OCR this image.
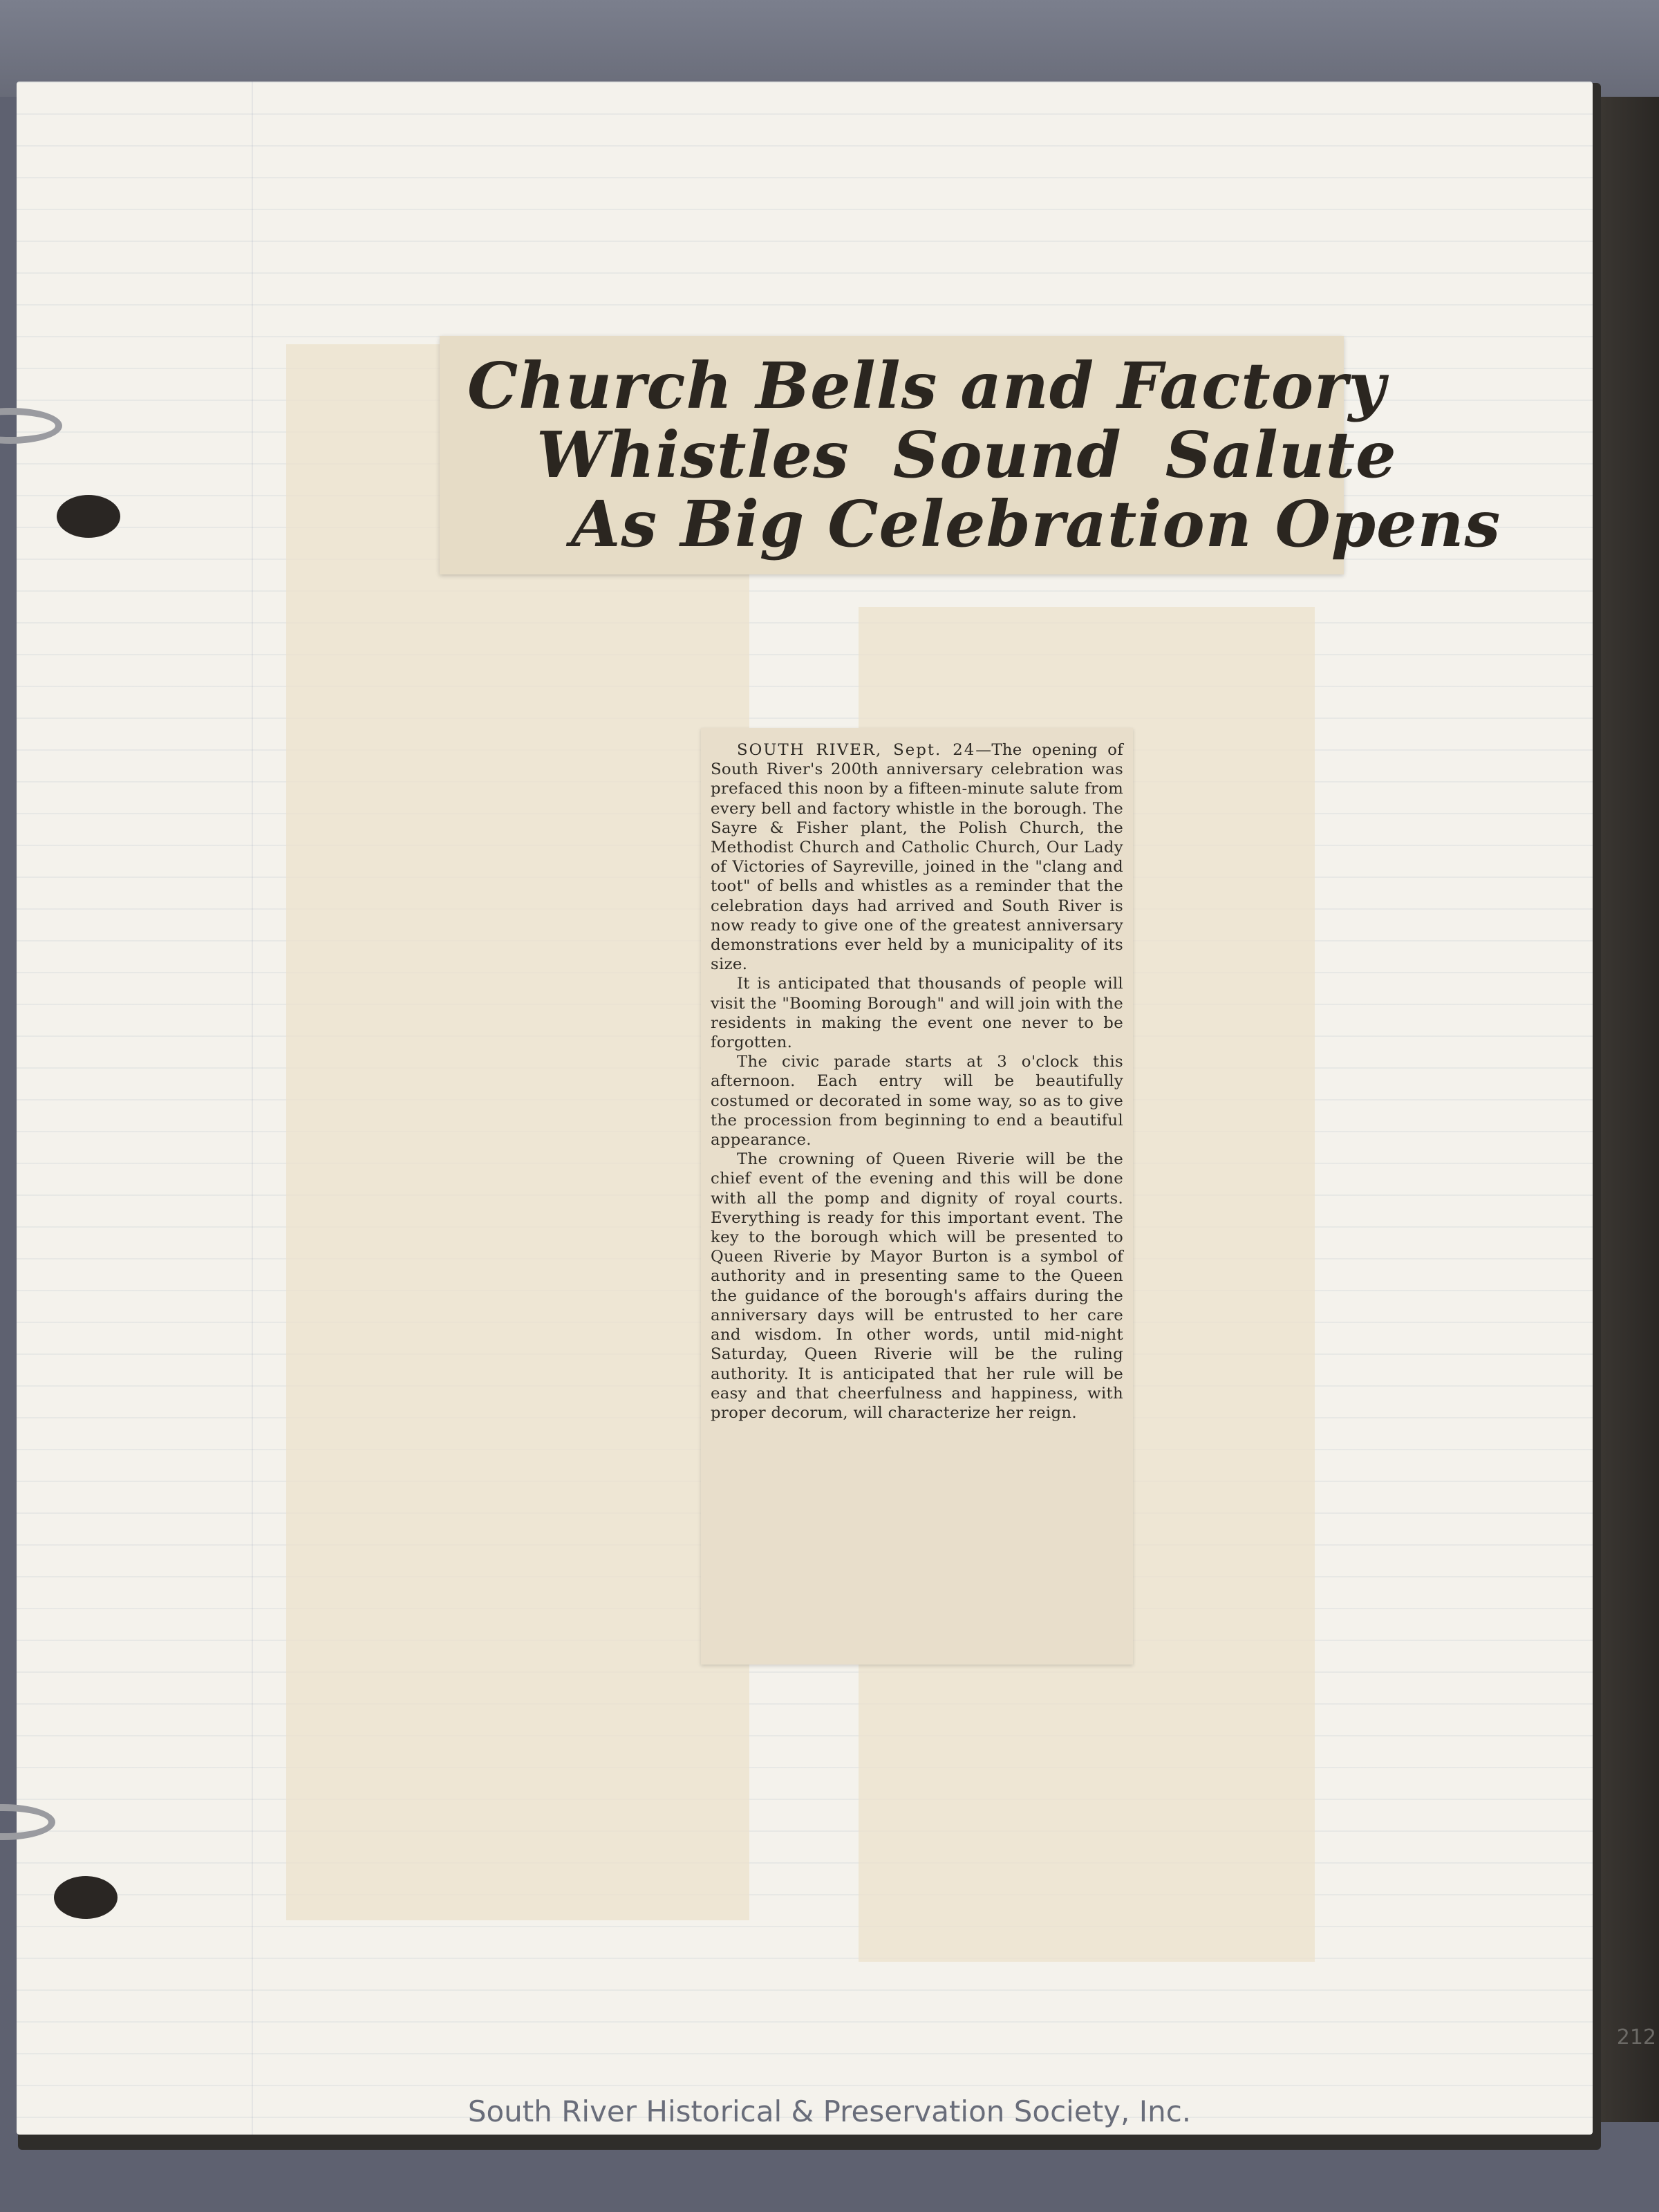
Church Bells and Factory
Whistles Sound Salute
As Big Celebration Opens

SOUTH RIVER, Sept. 24—The opening of South River's 200th anniversary celebration was prefaced this noon by a fifteen-minute salute from every bell and factory whistle in the borough. The Sayre & Fisher plant, the Polish Church, the Methodist Church and Catholic Church, Our Lady of Victories of Sayreville, joined in the "clang and toot" of bells and whistles as a reminder that the celebration days had arrived and South River is now ready to give one of the greatest anniversary demonstrations ever held by a municipality of its size.

It is anticipated that thousands of people will visit the "Booming Borough" and will join with the residents in making the event one never to be forgotten.

The civic parade starts at 3 o'clock this afternoon. Each entry will be beautifully costumed or decorated in some way, so as to give the procession from beginning to end a beautiful appearance.

The crowning of Queen Riverie will be the chief event of the evening and this will be done with all the pomp and dignity of royal courts. Everything is ready for this important event. The key to the borough which will be presented to Queen Riverie by Mayor Burton is a symbol of authority and in presenting same to the Queen the guidance of the borough's affairs during the anniversary days will be entrusted to her care and wisdom. In other words, until mid-night Saturday, Queen Riverie will be the ruling authority. It is anticipated that her rule will be easy and that cheerfulness and happiness, with proper decorum, will characterize her reign.

212
South River Historical & Preservation Society, Inc.
